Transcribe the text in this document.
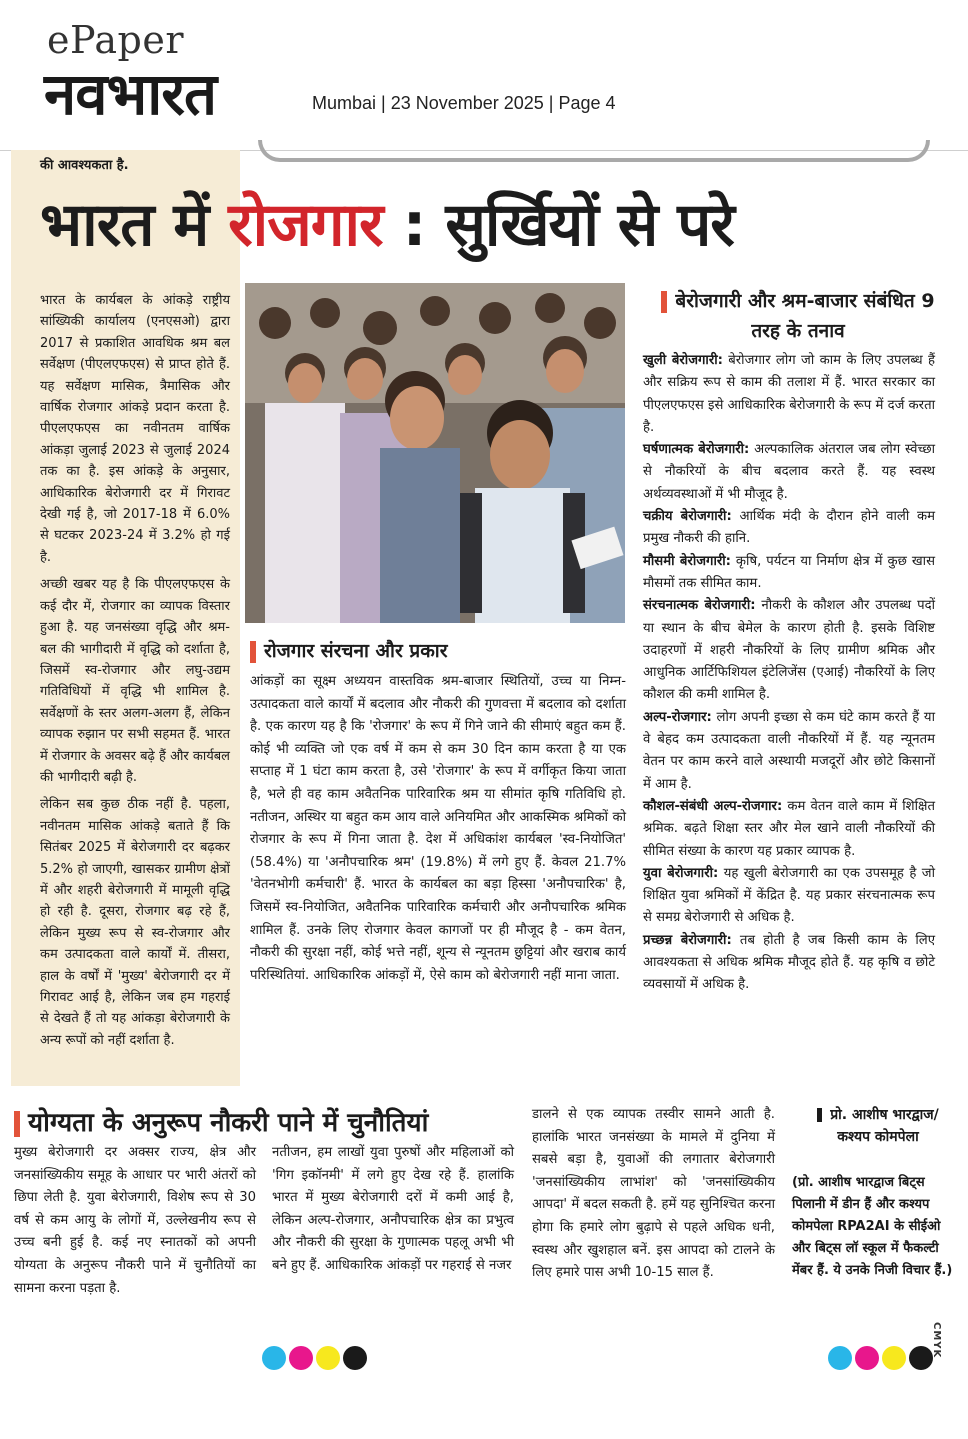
ePaper
नवभारत	Mumbai | 23 November 2025 | Page 4
की आवश्यकता है.
भारत में रोजगार : सुर्खियों से परे

भारत के कार्यबल के आंकड़े राष्ट्रीय सांख्यिकी कार्यालय (एनएसओ) द्वारा 2017 से प्रकाशित आवधिक श्रम बल सर्वेक्षण (पीएलएफएस) से प्राप्त होते हैं. यह सर्वेक्षण मासिक, त्रैमासिक और वार्षिक रोजगार आंकड़े प्रदान करता है. पीएलएफएस का नवीनतम वार्षिक आंकड़ा जुलाई 2023 से जुलाई 2024 तक का है. इस आंकड़े के अनुसार, आधिकारिक बेरोजगारी दर में गिरावट देखी गई है, जो 2017-18 में 6.0% से घटकर 2023-24 में 3.2% हो गई है.

अच्छी खबर यह है कि पीएलएफएस के कई दौर में, रोजगार का व्यापक विस्तार हुआ है. यह जनसंख्या वृद्धि और श्रम-बल की भागीदारी में वृद्धि को दर्शाता है, जिसमें स्व-रोजगार और लघु-उद्यम गतिविधियों में वृद्धि भी शामिल है. सर्वेक्षणों के स्तर अलग-अलग हैं, लेकिन व्यापक रुझान पर सभी सहमत हैं. भारत में रोजगार के अवसर बढ़े हैं और कार्यबल की भागीदारी बढ़ी है.

लेकिन सब कुछ ठीक नहीं है. पहला, नवीनतम मासिक आंकड़े बताते हैं कि सितंबर 2025 में बेरोजगारी दर बढ़कर 5.2% हो जाएगी, खासकर ग्रामीण क्षेत्रों में और शहरी बेरोजगारी में मामूली वृद्धि हो रही है. दूसरा, रोजगार बढ़ रहे हैं, लेकिन मुख्य रूप से स्व-रोजगार और कम उत्पादकता वाले कार्यों में. तीसरा, हाल के वर्षों में 'मुख्य' बेरोजगारी दर में गिरावट आई है, लेकिन जब हम गहराई से देखते हैं तो यह आंकड़ा बेरोजगारी के अन्य रूपों को नहीं दर्शाता है.

रोजगार संरचना और प्रकार
आंकड़ों का सूक्ष्म अध्ययन वास्तविक श्रम-बाजार स्थितियों, उच्च या निम्न-उत्पादकता वाले कार्यों में बदलाव और नौकरी की गुणवत्ता में बदलाव को दर्शाता है. एक कारण यह है कि 'रोजगार' के रूप में गिने जाने की सीमाएं बहुत कम हैं. कोई भी व्यक्ति जो एक वर्ष में कम से कम 30 दिन काम करता है या एक सप्ताह में 1 घंटा काम करता है, उसे 'रोजगार' के रूप में वर्गीकृत किया जाता है, भले ही वह काम अवैतनिक पारिवारिक श्रम या सीमांत कृषि गतिविधि हो. नतीजन, अस्थिर या बहुत कम आय वाले अनियमित और आकस्मिक श्रमिकों को रोजगार के रूप में गिना जाता है. देश में अधिकांश कार्यबल 'स्व-नियोजित' (58.4%) या 'अनौपचारिक श्रम' (19.8%) में लगे हुए हैं. केवल 21.7% 'वेतनभोगी कर्मचारी' हैं. भारत के कार्यबल का बड़ा हिस्सा 'अनौपचारिक' है, जिसमें स्व-नियोजित, अवैतनिक पारिवारिक कर्मचारी और अनौपचारिक श्रमिक शामिल हैं. उनके लिए रोजगार केवल कागजों पर ही मौजूद है - कम वेतन, नौकरी की सुरक्षा नहीं, कोई भत्ते नहीं, शून्य से न्यूनतम छुट्टियां और खराब कार्य परिस्थितियां. आधिकारिक आंकड़ों में, ऐसे काम को बेरोजगारी नहीं माना जाता.
बेरोजगारी और श्रम-बाजार संबंधित 9 तरह के तनाव

खुली बेरोजगारी: बेरोजगार लोग जो काम के लिए उपलब्ध हैं और सक्रिय रूप से काम की तलाश में हैं. भारत सरकार का पीएलएफएस इसे आधिकारिक बेरोजगारी के रूप में दर्ज करता है.

घर्षणात्मक बेरोजगारी: अल्पकालिक अंतराल जब लोग स्वेच्छा से नौकरियों के बीच बदलाव करते हैं. यह स्वस्थ अर्थव्यवस्थाओं में भी मौजूद है.

चक्रीय बेरोजगारी: आर्थिक मंदी के दौरान होने वाली कम प्रमुख नौकरी की हानि.

मौसमी बेरोजगारी: कृषि, पर्यटन या निर्माण क्षेत्र में कुछ खास मौसमों तक सीमित काम.

संरचनात्मक बेरोजगारी: नौकरी के कौशल और उपलब्ध पदों या स्थान के बीच बेमेल के कारण होती है. इसके विशिष्ट उदाहरणों में शहरी नौकरियों के लिए ग्रामीण श्रमिक और आधुनिक आर्टिफिशियल इंटेलिजेंस (एआई) नौकरियों के लिए कौशल की कमी शामिल है.

अल्प-रोजगार: लोग अपनी इच्छा से कम घंटे काम करते हैं या वे बेहद कम उत्पादकता वाली नौकरियों में हैं. यह न्यूनतम वेतन पर काम करने वाले अस्थायी मजदूरों और छोटे किसानों में आम है.

कौशल-संबंधी अल्प-रोजगार: कम वेतन वाले काम में शिक्षित श्रमिक. बढ़ते शिक्षा स्तर और मेल खाने वाली नौकरियों की सीमित संख्या के कारण यह प्रकार व्यापक है.

युवा बेरोजगारी: यह खुली बेरोजगारी का एक उपसमूह है जो शिक्षित युवा श्रमिकों में केंद्रित है. यह प्रकार संरचनात्मक रूप से समग्र बेरोजगारी से अधिक है.

प्रच्छन्न बेरोजगारी: तब होती है जब किसी काम के लिए आवश्यकता से अधिक श्रमिक मौजूद होते हैं. यह कृषि व छोटे व्यवसायों में अधिक है.

योग्यता के अनुरूप नौकरी पाने में चुनौतियां
मुख्य बेरोजगारी दर अक्सर राज्य, क्षेत्र और जनसांख्यिकीय समूह के आधार पर भारी अंतरों को छिपा लेती है. युवा बेरोजगारी, विशेष रूप से 30 वर्ष से कम आयु के लोगों में, उल्लेखनीय रूप से उच्च बनी हुई है. कई नए स्नातकों को अपनी योग्यता के अनुरूप नौकरी पाने में चुनौतियों का सामना करना पड़ता है.
नतीजन, हम लाखों युवा पुरुषों और महिलाओं को 'गिग इकॉनमी' में लगे हुए देख रहे हैं. हालांकि भारत में मुख्य बेरोजगारी दरों में कमी आई है, लेकिन अल्प-रोजगार, अनौपचारिक क्षेत्र का प्रभुत्व और नौकरी की सुरक्षा के गुणात्मक पहलू अभी भी बने हुए हैं. आधिकारिक आंकड़ों पर गहराई से नजर
डालने से एक व्यापक तस्वीर सामने आती है. हालांकि भारत जनसंख्या के मामले में दुनिया में सबसे बड़ा है, युवाओं की लगातार बेरोजगारी 'जनसांख्यिकीय लाभांश' को 'जनसांख्यिकीय आपदा' में बदल सकती है. हमें यह सुनिश्चित करना होगा कि हमारे लोग बुढ़ापे से पहले अधिक धनी, स्वस्थ और खुशहाल बनें. इस आपदा को टालने के लिए हमारे पास अभी 10-15 साल हैं.
प्रो. आशीष भारद्वाज/ कश्यप कोमपेला
(प्रो. आशीष भारद्वाज बिट्स पिलानी में डीन हैं और कश्यप कोमपेला RPA2AI के सीईओ और बिट्स लॉ स्कूल में फैकल्टी मेंबर हैं. ये उनके निजी विचार हैं.)
CMYK
